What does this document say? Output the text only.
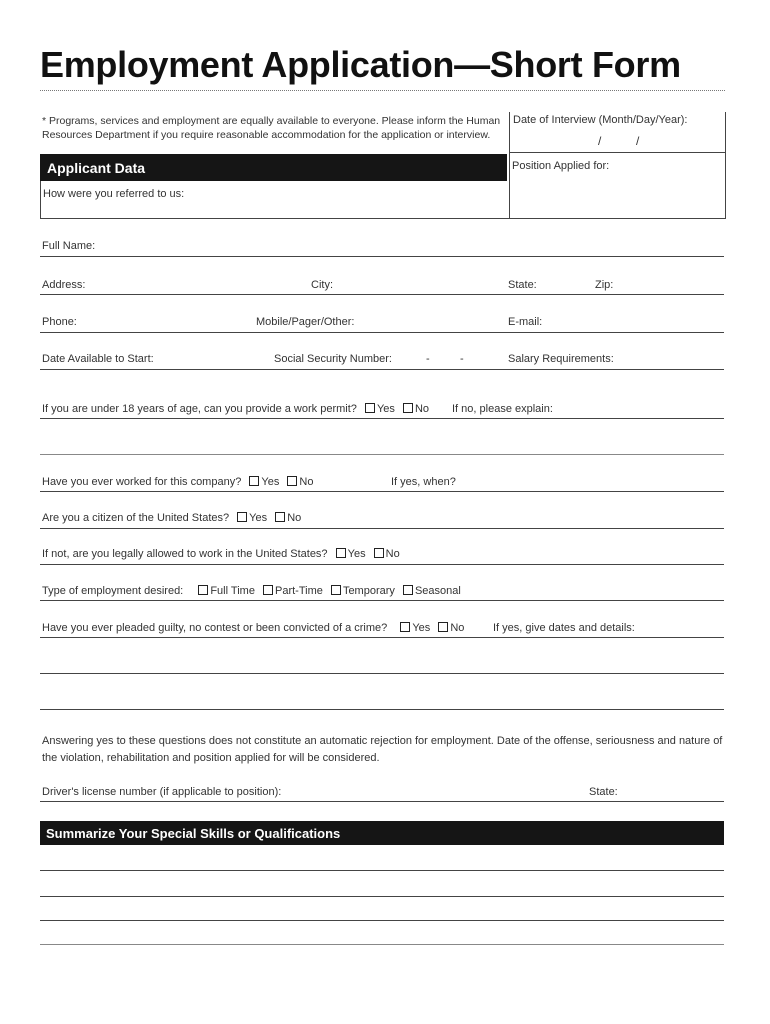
Employment Application—Short Form
* Programs, services and employment are equally available to everyone. Please inform the Human Resources Department if you require reasonable accommodation for the application or interview.
Date of Interview (Month/Day/Year):
/	/
Position Applied for:
Applicant Data
How were you referred to us:
Full Name:
Address:	City:	State:	Zip:
Phone:	Mobile/Pager/Other:	E-mail:
Date Available to Start:	Social Security Number:	-	-	Salary Requirements:
If you are under 18 years of age, can you provide a work permit? Yes No If no, please explain:
Have you ever worked for this company? Yes No	If yes, when?
Are you a citizen of the United States? Yes No
If not, are you legally allowed to work in the United States? Yes No
Type of employment desired: Full Time Part-Time Temporary Seasonal
Have you ever pleaded guilty, no contest or been convicted of a crime? Yes No	If yes, give dates and details:
Answering yes to these questions does not constitute an automatic rejection for employment. Date of the offense, seriousness and nature of the violation, rehabilitation and position applied for will be considered.
Driver's license number (if applicable to position):	State:
Summarize Your Special Skills or Qualifications
